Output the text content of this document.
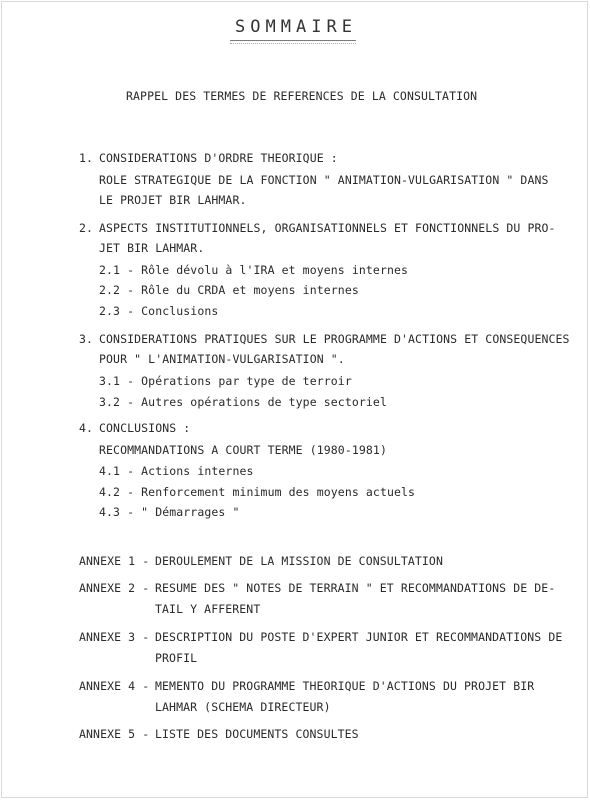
SOMMAIRE
RAPPEL DES TERMES DE REFERENCES DE LA CONSULTATION
1. CONSIDERATIONS D'ORDRE THEORIQUE :
ROLE STRATEGIQUE DE LA FONCTION " ANIMATION-VULGARISATION " DANS
LE PROJET BIR LAHMAR.
2. ASPECTS INSTITUTIONNELS, ORGANISATIONNELS ET FONCTIONNELS DU PRO-
JET BIR LAHMAR.
2.1 - Rôle dévolu à l'IRA et moyens internes
2.2 - Rôle du CRDA et moyens internes
2.3 - Conclusions
3. CONSIDERATIONS PRATIQUES SUR LE PROGRAMME D'ACTIONS ET CONSEQUENCES
POUR " L'ANIMATION-VULGARISATION ".
3.1 - Opérations par type de terroir
3.2 - Autres opérations de type sectoriel
4. CONCLUSIONS :
RECOMMANDATIONS A COURT TERME (1980-1981)
4.1 - Actions internes
4.2 - Renforcement minimum des moyens actuels
4.3 - " Démarrages "
ANNEXE 1 - DEROULEMENT DE LA MISSION DE CONSULTATION
ANNEXE 2 - RESUME DES " NOTES DE TERRAIN " ET RECOMMANDATIONS DE DE-
TAIL Y AFFERENT
ANNEXE 3 - DESCRIPTION DU POSTE D'EXPERT JUNIOR ET RECOMMANDATIONS DE
PROFIL
ANNEXE 4 - MEMENTO DU PROGRAMME THEORIQUE D'ACTIONS DU PROJET BIR
LAHMAR (SCHEMA DIRECTEUR)
ANNEXE 5 - LISTE DES DOCUMENTS CONSULTES
